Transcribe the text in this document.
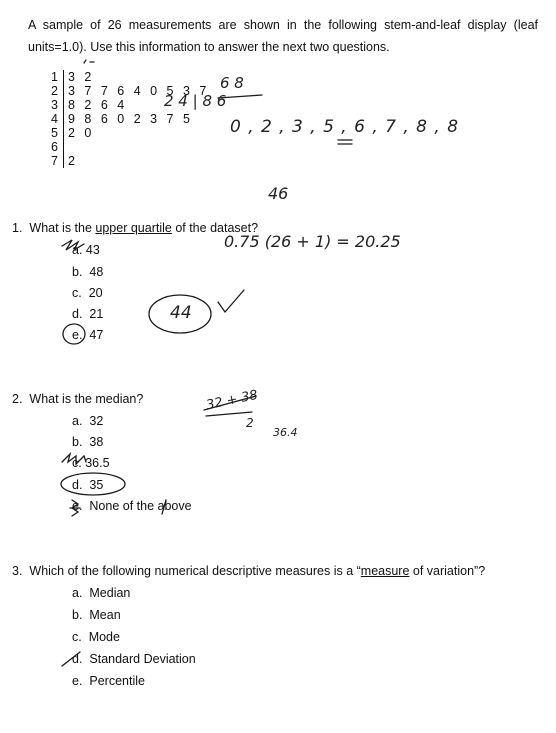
A sample of 26 measurements are shown in the following stem-and-leaf display (leaf units=1.0). Use this information to answer the next two questions.
1 3 2
2 3 7 7 6 4 0 5 3 7
3 8 2 6 4
4 9 8 6 0 2 3 7 5
5 2 0
6
7 2
1. What is the upper quartile of the dataset?
a. 43
b. 48
c. 20
d. 21
e. 47
2. What is the median?
a. 32
b. 38
c. 36.5
d. 35
e. None of the above
3. Which of the following numerical descriptive measures is a “measure of variation”?
a. Median
b. Mean
c. Mode
d. Standard Deviation
e. Percentile
6 8
2 4 | 8 6
0 , 2 , 3 , 5 , 6 , 7 , 8 , 8
46
0.75 (26 + 1) = 20.25
44
32 + 38
2
36.4
